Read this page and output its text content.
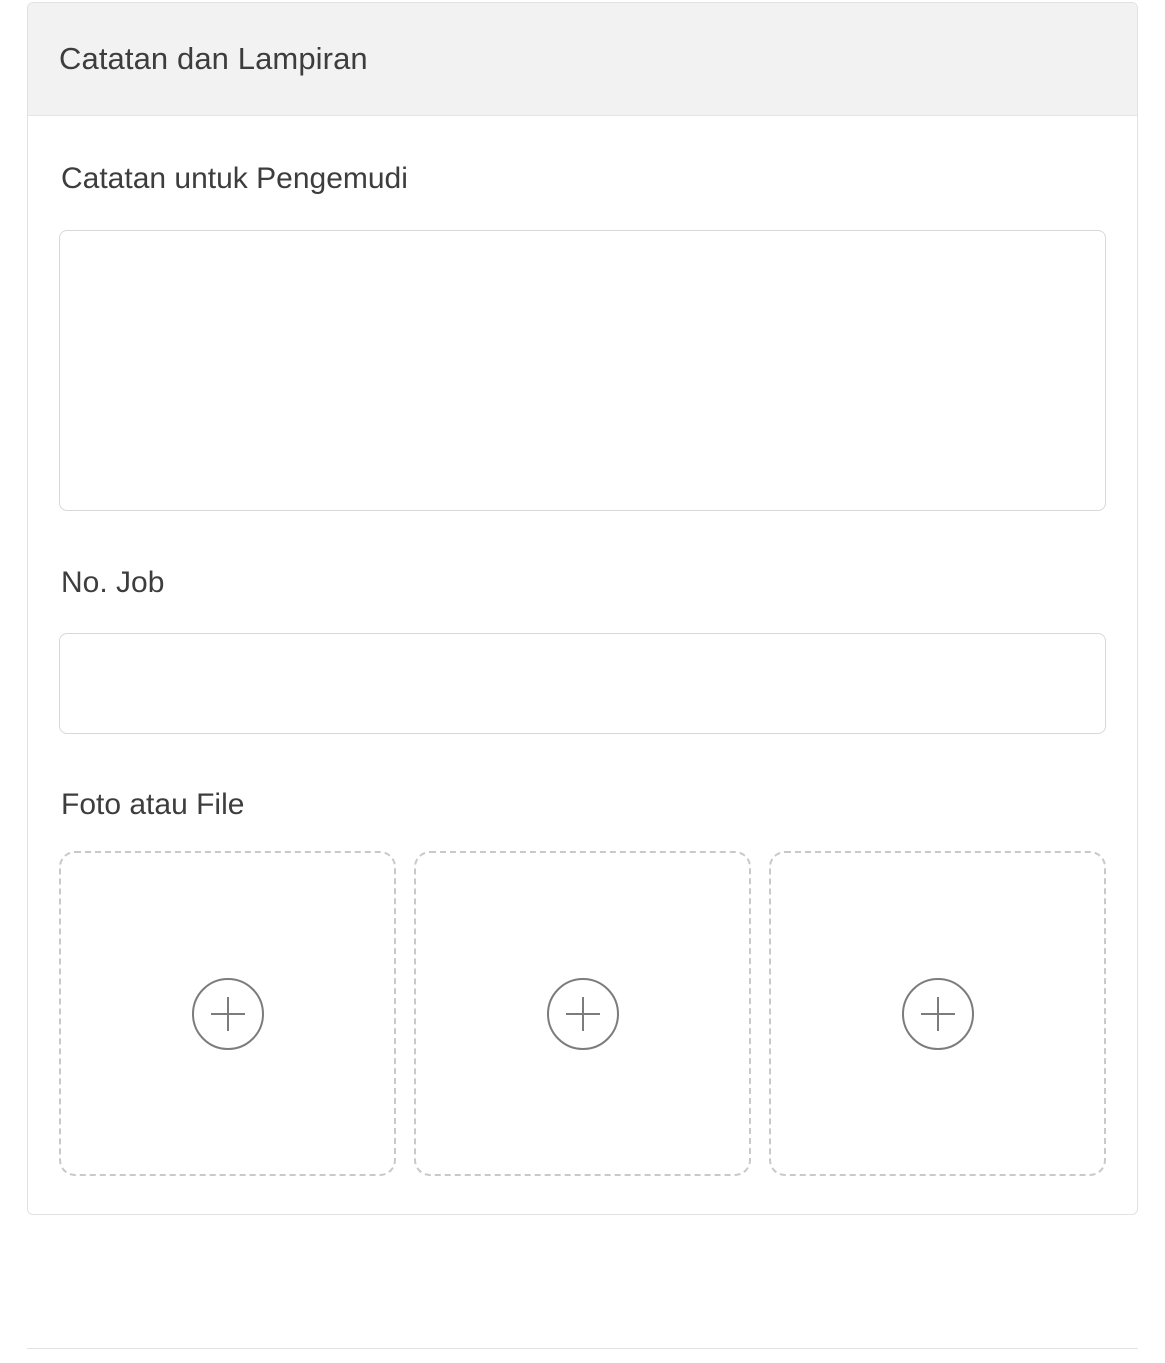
Catatan dan Lampiran
Catatan untuk Pengemudi
No. Job
Foto atau File
